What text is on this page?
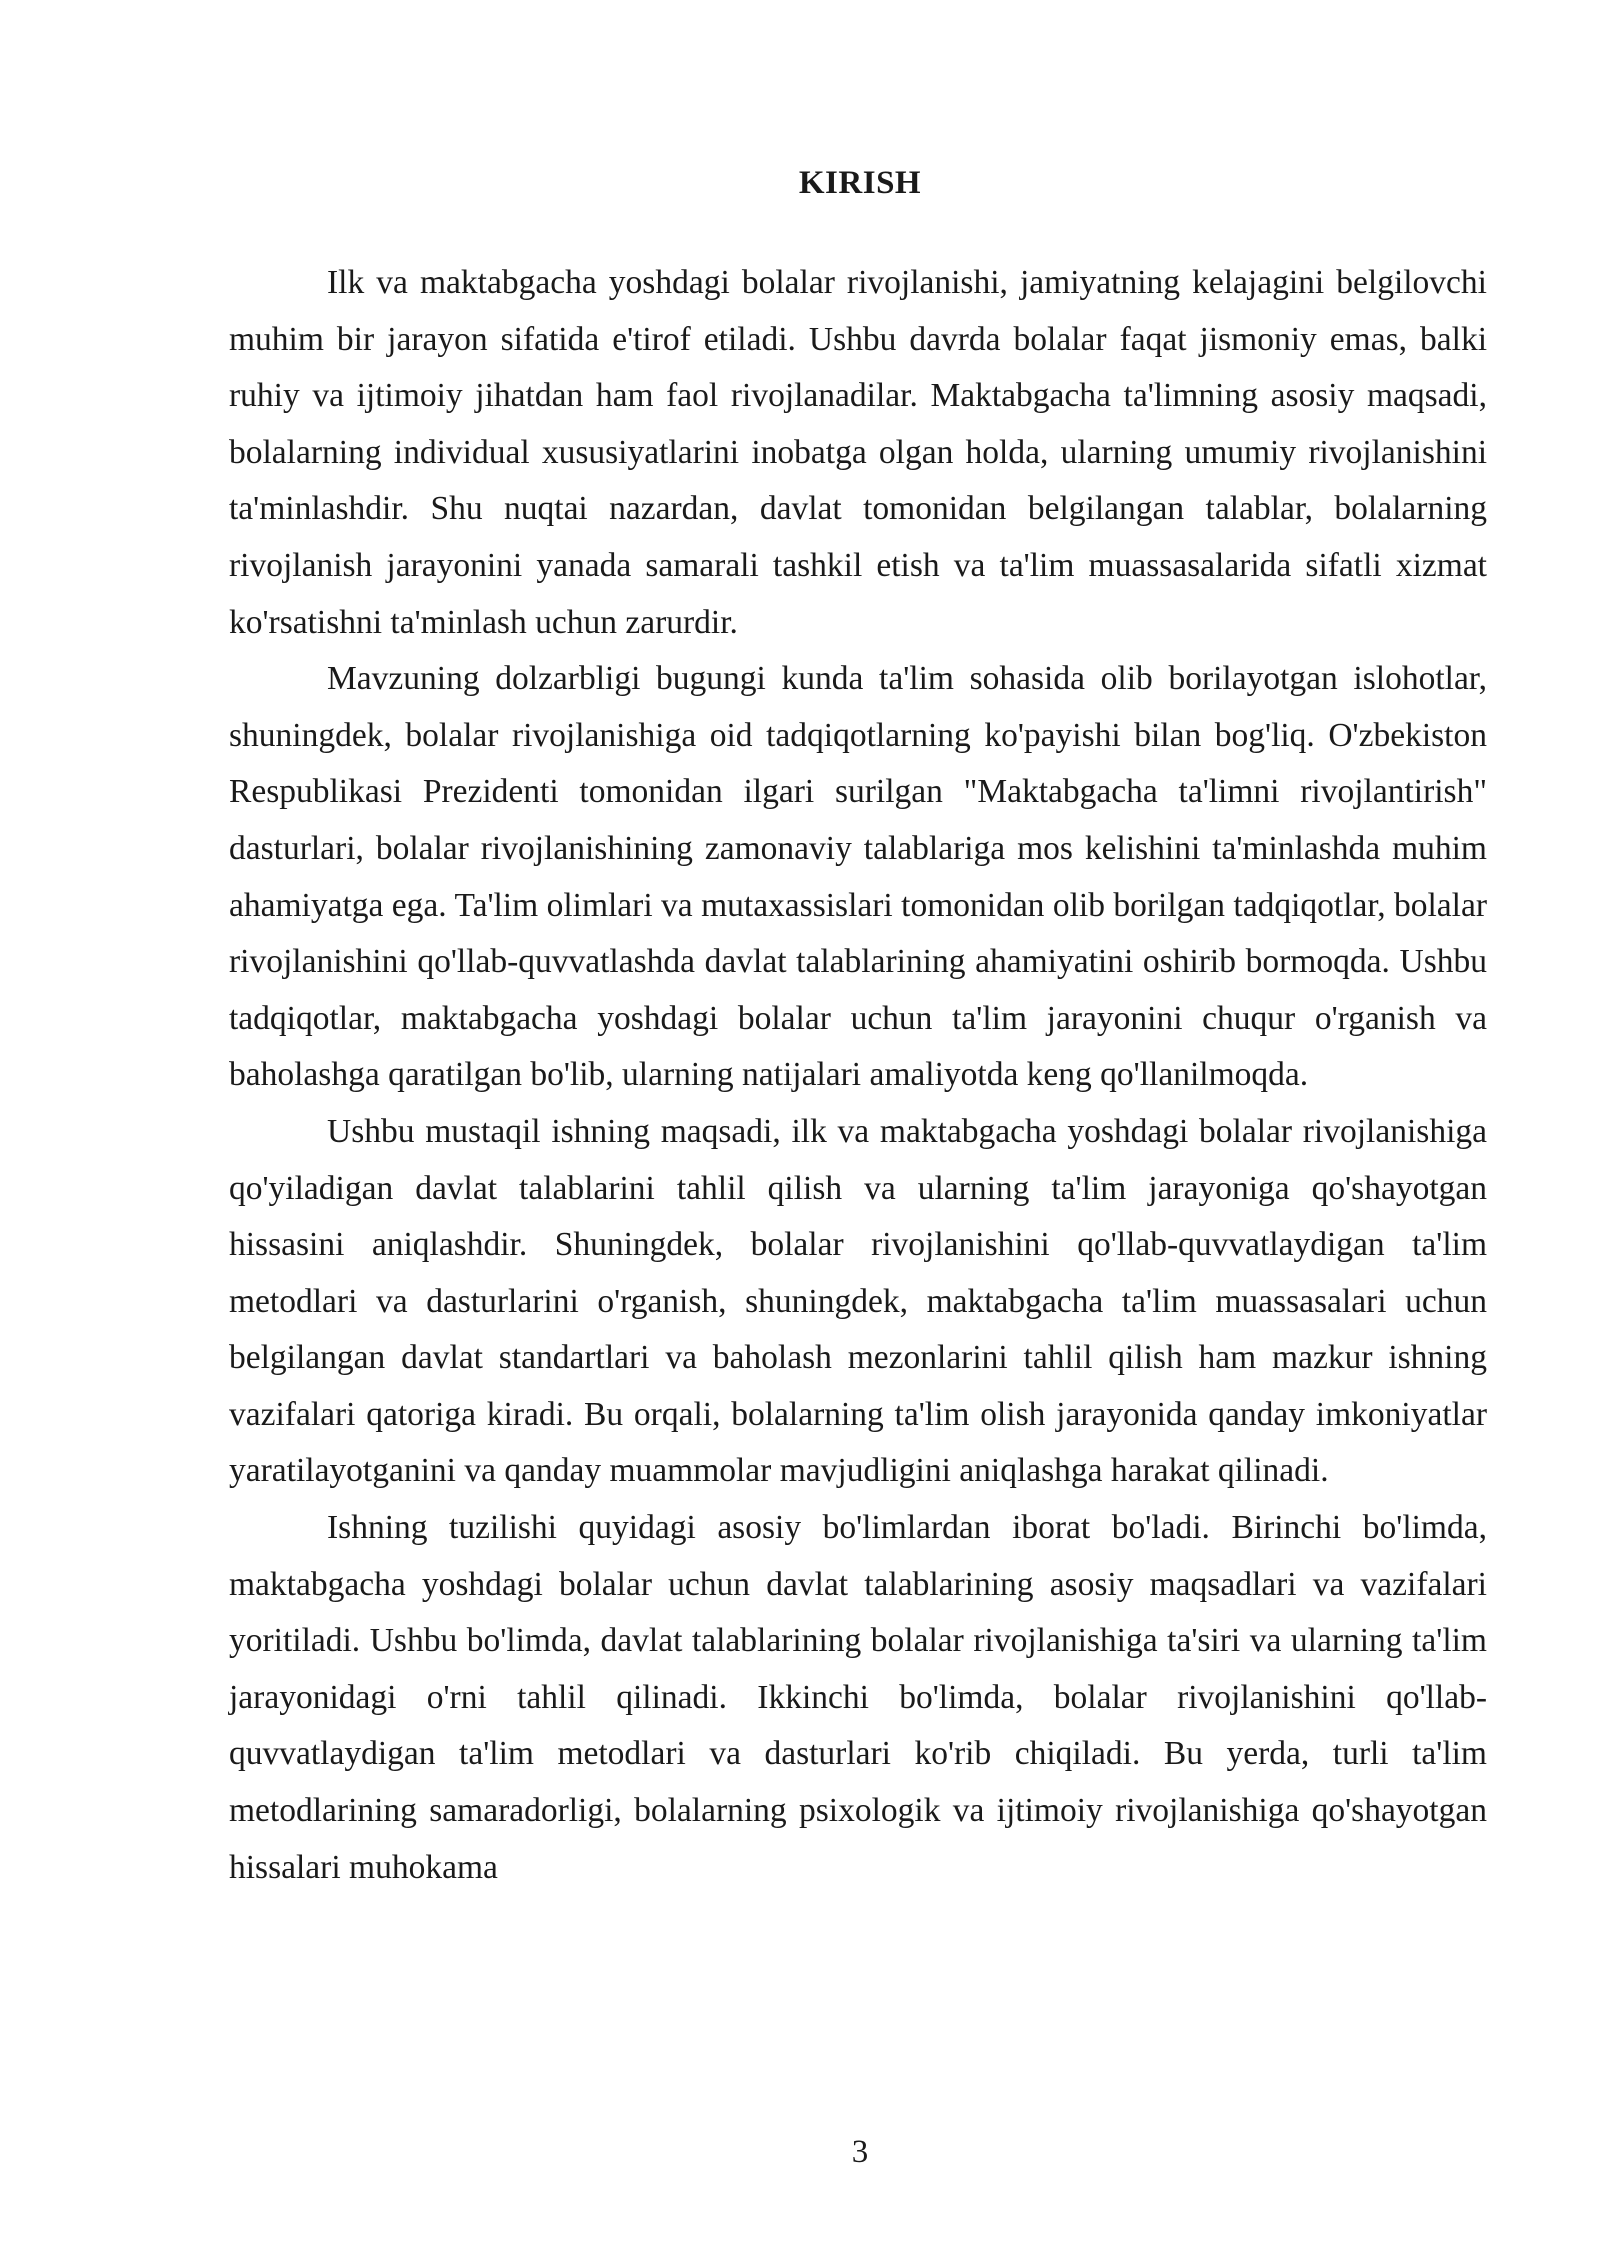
KIRISH

Ilk va maktabgacha yoshdagi bolalar rivojlanishi, jamiyatning kelajagini belgilovchi muhim bir jarayon sifatida e'tirof etiladi. Ushbu davrda bolalar faqat jismoniy emas, balki ruhiy va ijtimoiy jihatdan ham faol rivojlanadilar. Maktabgacha ta'limning asosiy maqsadi, bolalarning individual xususiyatlarini inobatga olgan holda, ularning umumiy rivojlanishini ta'minlashdir. Shu nuqtai nazardan, davlat tomonidan belgilangan talablar, bolalarning rivojlanish jarayonini yanada samarali tashkil etish va ta'lim muassasalarida sifatli xizmat ko'rsatishni ta'minlash uchun zarurdir.

Mavzuning dolzarbligi bugungi kunda ta'lim sohasida olib borilayotgan islohotlar, shuningdek, bolalar rivojlanishiga oid tadqiqotlarning ko'payishi bilan bog'liq. O'zbekiston Respublikasi Prezidenti tomonidan ilgari surilgan "Maktabgacha ta'limni rivojlantirish" dasturlari, bolalar rivojlanishining zamonaviy talablariga mos kelishini ta'minlashda muhim ahamiyatga ega. Ta'lim olimlari va mutaxassislari tomonidan olib borilgan tadqiqotlar, bolalar rivojlanishini qo'llab-quvvatlashda davlat talablarining ahamiyatini oshirib bormoqda. Ushbu tadqiqotlar, maktabgacha yoshdagi bolalar uchun ta'lim jarayonini chuqur o'rganish va baholashga qaratilgan bo'lib, ularning natijalari amaliyotda keng qo'llanilmoqda.

Ushbu mustaqil ishning maqsadi, ilk va maktabgacha yoshdagi bolalar rivojlanishiga qo'yiladigan davlat talablarini tahlil qilish va ularning ta'lim jarayoniga qo'shayotgan hissasini aniqlashdir. Shuningdek, bolalar rivojlanishini qo'llab-quvvatlaydigan ta'lim metodlari va dasturlarini o'rganish, shuningdek, maktabgacha ta'lim muassasalari uchun belgilangan davlat standartlari va baholash mezonlarini tahlil qilish ham mazkur ishning vazifalari qatoriga kiradi. Bu orqali, bolalarning ta'lim olish jarayonida qanday imkoniyatlar yaratilayotganini va qanday muammolar mavjudligini aniqlashga harakat qilinadi.

Ishning tuzilishi quyidagi asosiy bo'limlardan iborat bo'ladi. Birinchi bo'limda, maktabgacha yoshdagi bolalar uchun davlat talablarining asosiy maqsadlari va vazifalari yoritiladi. Ushbu bo'limda, davlat talablarining bolalar rivojlanishiga ta'siri va ularning ta'lim jarayonidagi o'rni tahlil qilinadi. Ikkinchi bo'limda, bolalar rivojlanishini qo'llab-quvvatlaydigan ta'lim metodlari va dasturlari ko'rib chiqiladi. Bu yerda, turli ta'lim metodlarining samaradorligi, bolalarning psixologik va ijtimoiy rivojlanishiga qo'shayotgan hissalari muhokama

3
